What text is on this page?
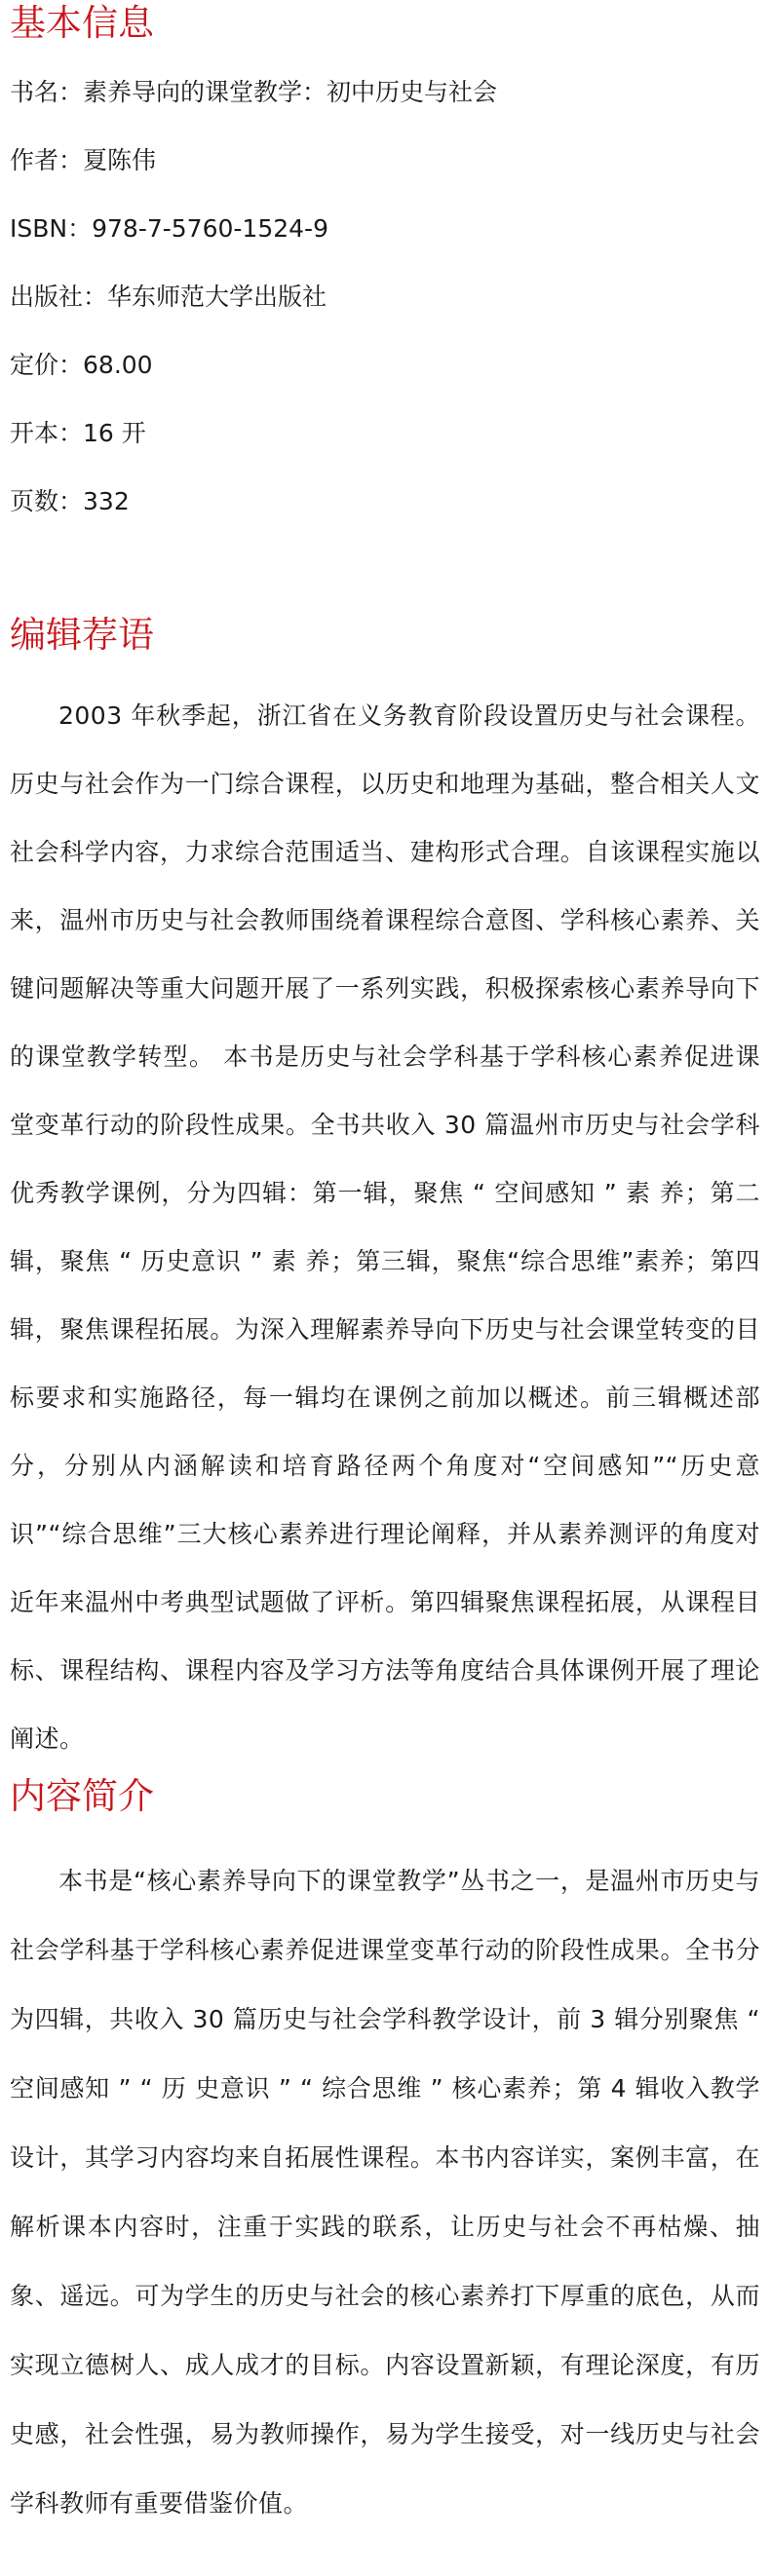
基本信息

书名：素养导向的课堂教学：初中历史与社会

作者：夏陈伟

ISBN：978-7-5760-1524-9

出版社：华东师范大学出版社

定价：68.00

开本：16 开

页数：332

编辑荐语

2003 年秋季起，浙江省在义务教育阶段设置历史与社会课程。历史与社会作为一门综合课程，以历史和地理为基础，整合相关人文社会科学内容，力求综合范围适当、建构形式合理。自该课程实施以来，温州市历史与社会教师围绕着课程综合意图、学科核心素养、关键问题解决等重大问题开展了一系列实践，积极探索核心素养导向下的课堂教学转型。 本书是历史与社会学科基于学科核心素养促进课堂变革行动的阶段性成果。全书共收入 30 篇温州市历史与社会学科优秀教学课例，分为四辑：第一辑，聚焦 “ 空间感知 ” 素 养；第二辑，聚焦 “ 历史意识 ” 素 养；第三辑，聚焦“综合思维”素养；第四辑，聚焦课程拓展。为深入理解素养导向下历史与社会课堂转变的目标要求和实施路径，每一辑均在课例之前加以概述。前三辑概述部分，分别从内涵解读和培育路径两个角度对“空间感知”“历史意识”“综合思维”三大核心素养进行理论阐释，并从素养测评的角度对近年来温州中考典型试题做了评析。第四辑聚焦课程拓展，从课程目标、课程结构、课程内容及学习方法等角度结合具体课例开展了理论阐述。

内容简介

本书是“核心素养导向下的课堂教学”丛书之一，是温州市历史与社会学科基于学科核心素养促进课堂变革行动的阶段性成果。全书分为四辑，共收入 30 篇历史与社会学科教学设计，前 3 辑分别聚焦 “ 空间感知 ” “ 历 史意识 ” “ 综合思维 ” 核心素养；第 4 辑收入教学设计，其学习内容均来自拓展性课程。本书内容详实，案例丰富，在解析课本内容时，注重于实践的联系，让历史与社会不再枯燥、抽象、遥远。可为学生的历史与社会的核心素养打下厚重的底色，从而实现立德树人、成人成才的目标。内容设置新颖，有理论深度，有历史感，社会性强，易为教师操作，易为学生接受，对一线历史与社会学科教师有重要借鉴价值。
